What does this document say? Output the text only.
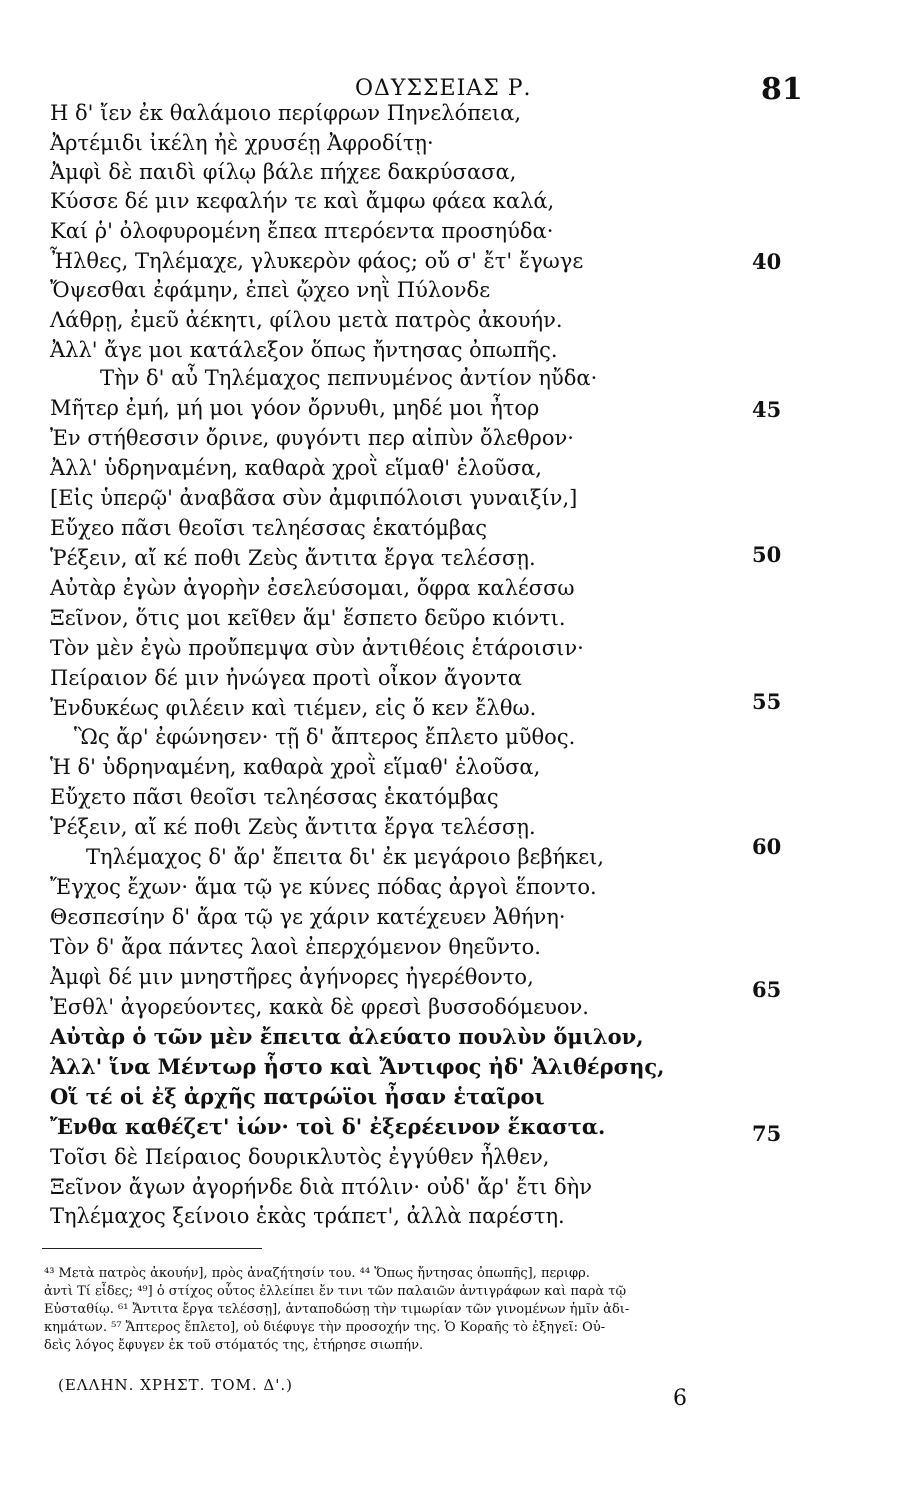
ΟΔΥΣΣΕΙΑΣ Ρ.	81
Η δ' ἴεν ἐκ θαλάμοιο περίφρων Πηνελόπεια,
Ἀρτέμιδι ἰκέλη ἠὲ χρυσέῃ Ἀφροδίτῃ·
Ἀμφὶ δὲ παιδὶ φίλῳ βάλε πήχεε δακρύσασα,
Κύσσε δέ μιν κεφαλήν τε καὶ ἄμφω φάεα καλά,
Καί ῥ' ὀλοφυρομένη ἔπεα πτερόεντα προσηύδα·
Ἦλθες, Τηλέμαχε, γλυκερὸν φάος; οὔ σ' ἔτ' ἔγωγε
Ὄψεσθαι ἐφάμην, ἐπεὶ ᾤχεο νηῒ Πύλονδε
Λάθρῃ, ἐμεῦ ἀέκητι, φίλου μετὰ πατρὸς ἀκουήν.
Ἀλλ' ἄγε μοι κατάλεξον ὅπως ἤντησας ὀπωπῆς.
Τὴν δ' αὖ Τηλέμαχος πεπνυμένος ἀντίον ηὔδα·
Μῆτερ ἐμή, μή μοι γόον ὄρνυθι, μηδέ μοι ἦτορ
Ἐν στήθεσσιν ὄρινε, φυγόντι περ αἰπὺν ὄλεθρον·
Ἀλλ' ὑδρηναμένη, καθαρὰ χροῒ εἵμαθ' ἑλοῦσα,
[Εἰς ὑπερῷ' ἀναβᾶσα σὺν ἀμφιπόλοισι γυναιξίν,]
Εὔχεο πᾶσι θεοῖσι τεληέσσας ἑκατόμβας
Ῥέξειν, αἴ κέ ποθι Ζεὺς ἄντιτα ἔργα τελέσσῃ.
Αὐτὰρ ἐγὼν ἀγορὴν ἐσελεύσομαι, ὄφρα καλέσσω
Ξεῖνον, ὅτις μοι κεῖθεν ἅμ' ἕσπετο δεῦρο κιόντι.
Τὸν μὲν ἐγὼ προὔπεμψα σὺν ἀντιθέοις ἑτάροισιν·
Πείραιον δέ μιν ἠνώγεα προτὶ οἶκον ἄγοντα
Ἐνδυκέως φιλέειν καὶ τιέμεν, εἰς ὅ κεν ἔλθω.
Ὣς ἄρ' ἐφώνησεν· τῇ δ' ἄπτερος ἔπλετο μῦθος.
Ἡ δ' ὑδρηναμένη, καθαρὰ χροῒ εἵμαθ' ἑλοῦσα,
Εὔχετο πᾶσι θεοῖσι τεληέσσας ἑκατόμβας
Ῥέξειν, αἴ κέ ποθι Ζεὺς ἄντιτα ἔργα τελέσσῃ.
Τηλέμαχος δ' ἄρ' ἔπειτα δι' ἐκ μεγάροιο βεβήκει,
Ἔγχος ἔχων· ἅμα τῷ γε κύνες πόδας ἀργοὶ ἕποντο.
Θεσπεσίην δ' ἄρα τῷ γε χάριν κατέχευεν Ἀθήνη·
Τὸν δ' ἄρα πάντες λαοὶ ἐπερχόμενον θηεῦντο.
Ἀμφὶ δέ μιν μνηστῆρες ἀγήνορες ἠγερέθοντο,
Ἐσθλ' ἀγορεύοντες, κακὰ δὲ φρεσὶ βυσσοδόμευον.
Αὐτὰρ ὁ τῶν μὲν ἔπειτα ἀλεύατο πουλὺν ὅμιλον,
Ἀλλ' ἵνα Μέντωρ ἧστο καὶ Ἄντιφος ἠδ' Ἁλιθέρσης,
Οἵ τέ οἱ ἐξ ἀρχῆς πατρώϊοι ἦσαν ἑταῖροι
Ἔνθα καθέζετ' ἰών· τοὶ δ' ἐξερέεινον ἕκαστα.
Τοῖσι δὲ Πείραιος δουρικλυτὸς ἐγγύθεν ἦλθεν,
Ξεῖνον ἄγων ἀγορήνδε διὰ πτόλιν· οὐδ' ἄρ' ἔτι δὴν
Τηλέμαχος ξείνοιο ἑκὰς τράπετ', ἀλλὰ παρέστη.
40
45
50
55
60
65
75
⁴³ Μετὰ πατρὸς ἀκουήν], πρὸς ἀναζήτησίν του. ⁴⁴ Ὅπως ἤντησας ὀπωπῆς], περιφρ.
ἀντὶ Τί εἶδες; ⁴⁹] ὁ στίχος οὗτος ἐλλείπει ἔν τινι τῶν παλαιῶν ἀντιγράφων καὶ παρὰ τῷ
Εὐσταθίῳ. ⁶¹ Ἄντιτα ἔργα τελέσσῃ], ἀνταποδώσῃ τὴν τιμωρίαν τῶν γινομένων ἡμῖν ἀδι-
κημάτων. ⁵⁷ Ἄπτερος ἔπλετο], οὐ διέφυγε τὴν προσοχήν της. Ὁ Κοραῆς τὸ ἐξηγεῖ: Οὐ-
δεὶς λόγος ἔφυγεν ἐκ τοῦ στόματός της, ἐτήρησε σιωπήν.
(ΕΛΛΗΝ. ΧΡΗΣΤ. ΤΟΜ. Δ'.)
6
